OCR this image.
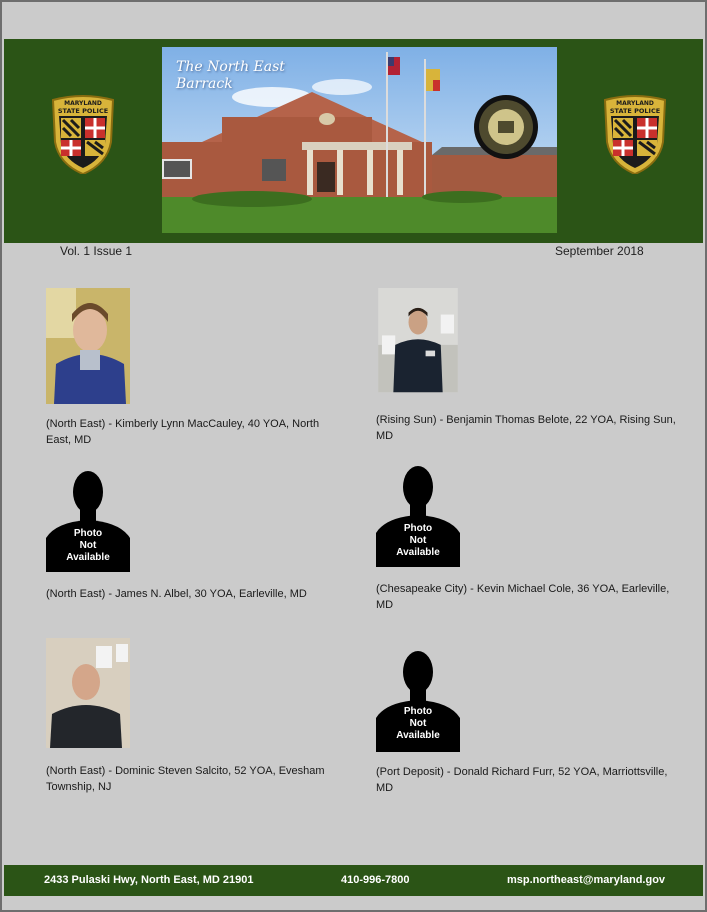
MARYLAND
STATE POLICE
The North East
Barrack
MARYLAND
STATE POLICE
Vol. 1 Issue 1	September 2018
(North East) - Kimberly Lynn MacCauley, 40 YOA, North East, MD
(Rising Sun) - Benjamin Thomas Belote, 22 YOA, Rising Sun, MD
Photo
Not
Available
(North East) - James N. Albel, 30 YOA, Earleville, MD
Photo
Not
Available
(Chesapeake City) - Kevin Michael Cole, 36 YOA, Earleville, MD
(North East) - Dominic Steven Salcito, 52 YOA, Evesham Township, NJ
Photo
Not
Available
(Port Deposit) - Donald Richard Furr, 52 YOA, Marriottsville, MD
2433 Pulaski Hwy, North East, MD 21901	410-996-7800	msp.northeast@maryland.gov
